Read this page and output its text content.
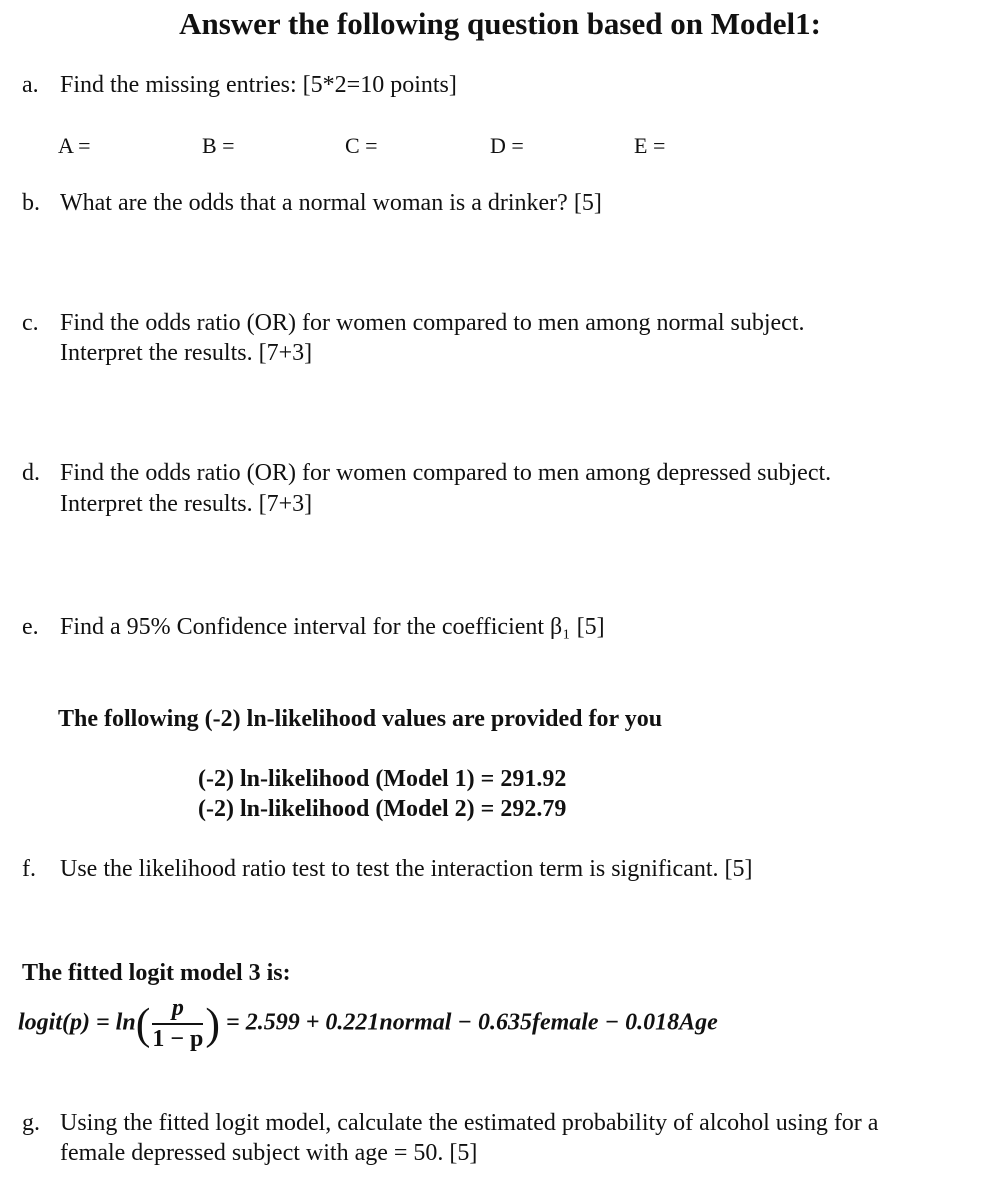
Answer the following question based on Model1:
a. Find the missing entries: [5*2=10 points]
A =	B =	C =	D =	E =
b. What are the odds that a normal woman is a drinker? [5]
c. Find the odds ratio (OR) for women compared to men among normal subject.
Interpret the results. [7+3]
d. Find the odds ratio (OR) for women compared to men among depressed subject.
Interpret the results. [7+3]
e. Find a 95% Confidence interval for the coefficient β₁ [5]
The following (-2) ln-likelihood values are provided for you
(-2) ln-likelihood (Model 1) = 291.92
(-2) ln-likelihood (Model 2) = 292.79
f. Use the likelihood ratio test to test the interaction term is significant. [5]
The fitted logit model 3 is:
logit(p) = $\ln( \frac{p}{1 - p}$ ) = 2.599 + 0.221normal − 0.635female − 0.018Age
g. Using the fitted logit model, calculate the estimated probability of alcohol using for a
female depressed subject with age = 50. [5]
